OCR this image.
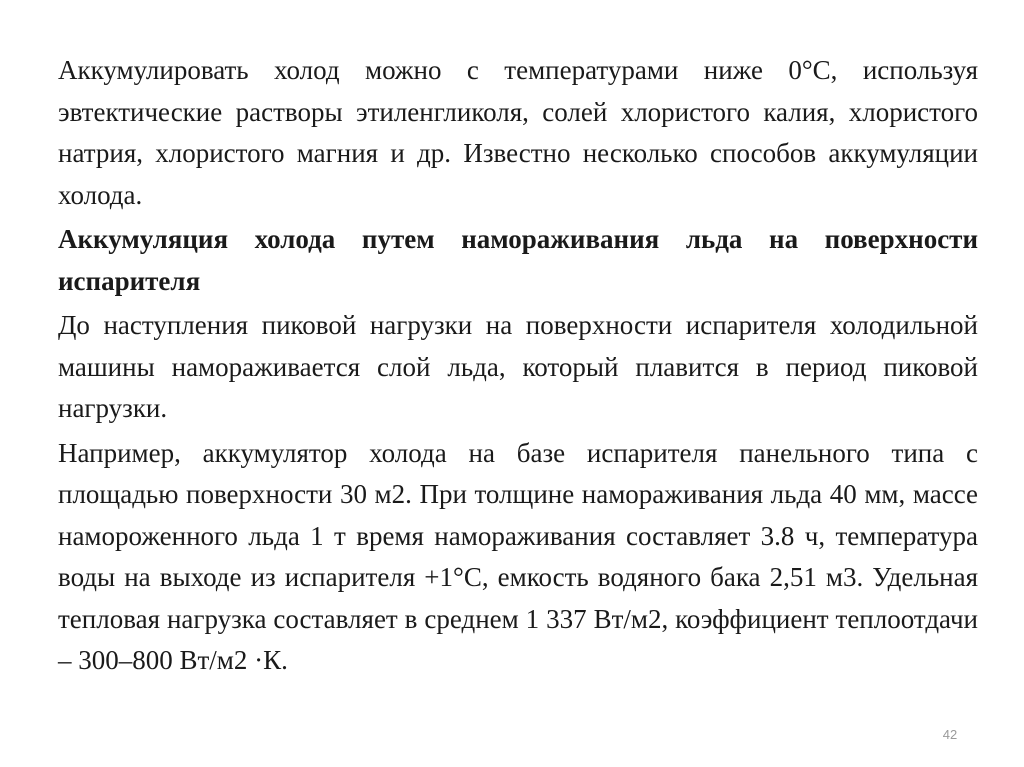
Аккумулировать холод можно с температурами ниже 0°С, используя эвтектические растворы этиленгликоля, солей хлористого калия, хлористого натрия, хлористого магния и др. Известно несколько способов аккумуляции холода.

Аккумуляция холода путем намораживания льда на поверхности испарителя

До наступления пиковой нагрузки на поверхности испарителя холодильной машины намораживается слой льда, который плавится в период пиковой нагрузки.

Например, аккумулятор холода на базе испарителя панельного типа с площадью поверхности 30 м2. При толщине намораживания льда 40 мм, массе намороженного льда 1 т время намораживания составляет 3.8 ч, температура воды на выходе из испарителя +1°С, емкость водяного бака 2,51 м3. Удельная тепловая нагрузка составляет в среднем 1 337 Вт/м2, коэффициент теплоотдачи – 300–800 Вт/м2 ·К.

42
